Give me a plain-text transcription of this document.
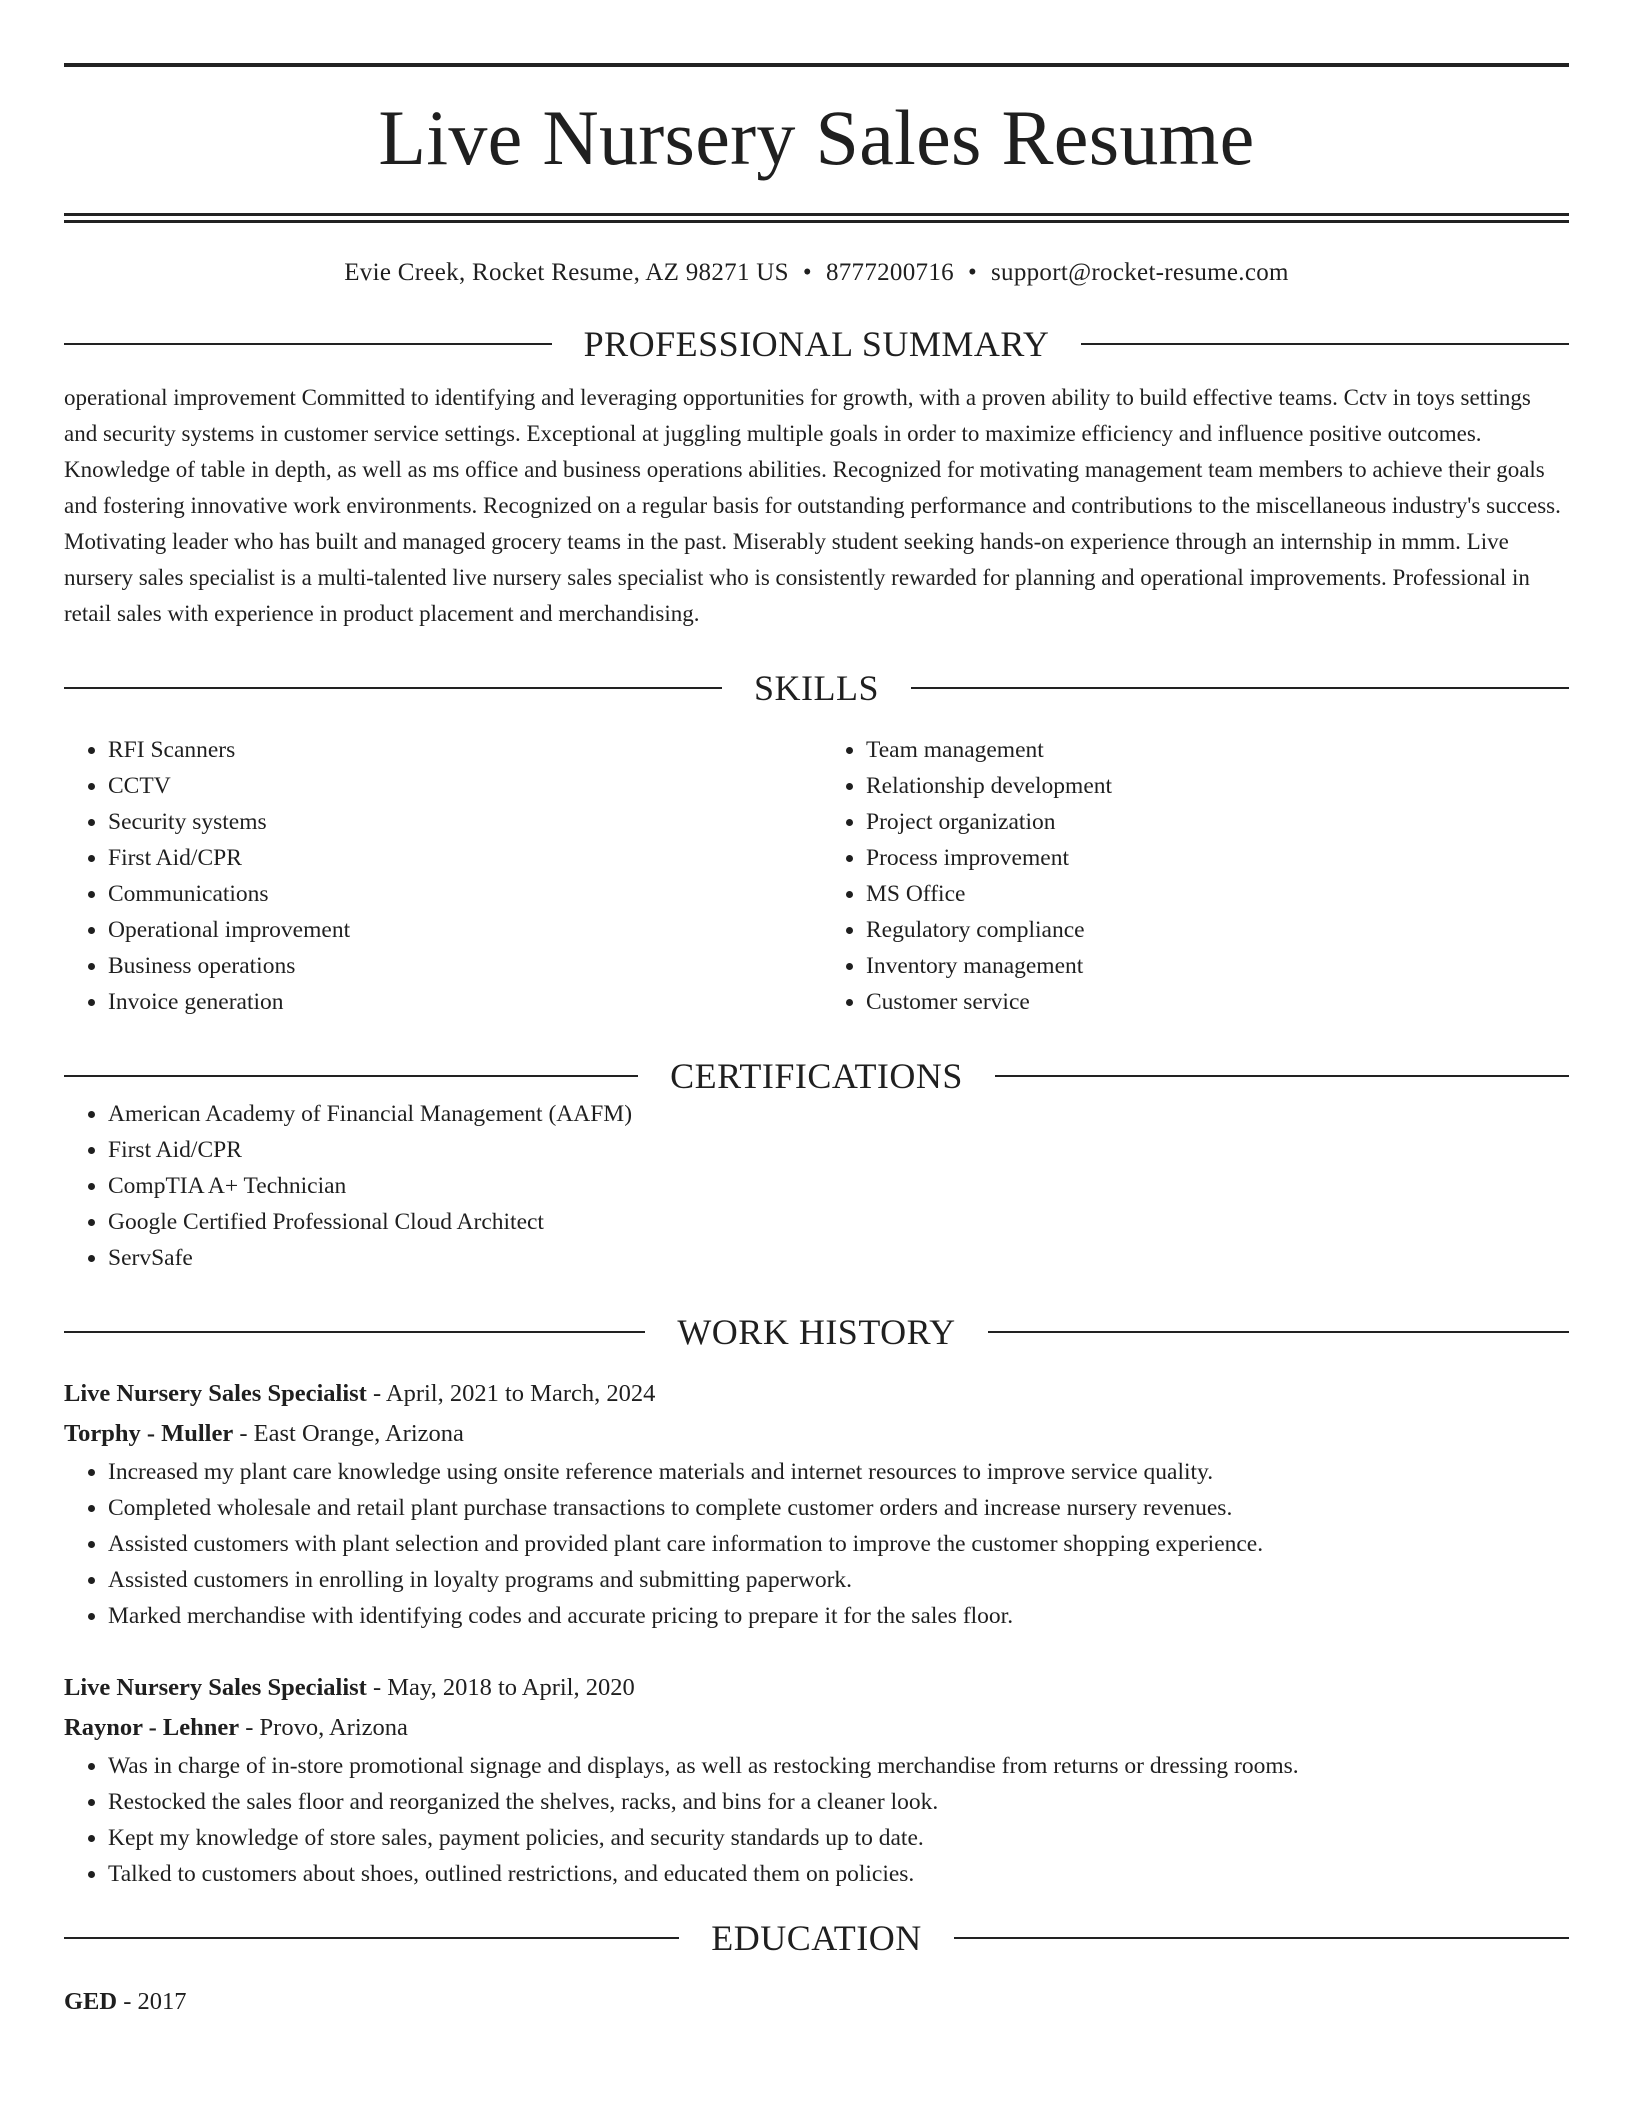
Live Nursery Sales Resume
Evie Creek, Rocket Resume, AZ 98271 US • 8777200716 • support@rocket-resume.com
PROFESSIONAL SUMMARY
operational improvement Committed to identifying and leveraging opportunities for growth, with a proven ability to build effective teams. Cctv in toys settings and security systems in customer service settings. Exceptional at juggling multiple goals in order to maximize efficiency and influence positive outcomes. Knowledge of table in depth, as well as ms office and business operations abilities. Recognized for motivating management team members to achieve their goals and fostering innovative work environments. Recognized on a regular basis for outstanding performance and contributions to the miscellaneous industry's success. Motivating leader who has built and managed grocery teams in the past. Miserably student seeking hands-on experience through an internship in mmm. Live nursery sales specialist is a multi-talented live nursery sales specialist who is consistently rewarded for planning and operational improvements. Professional in retail sales with experience in product placement and merchandising.
SKILLS
• RFI Scanners
• CCTV
• Security systems
• First Aid/CPR
• Communications
• Operational improvement
• Business operations
• Invoice generation
• Team management
• Relationship development
• Project organization
• Process improvement
• MS Office
• Regulatory compliance
• Inventory management
• Customer service
CERTIFICATIONS
• American Academy of Financial Management (AAFM)
• First Aid/CPR
• CompTIA A+ Technician
• Google Certified Professional Cloud Architect
• ServSafe
WORK HISTORY
Live Nursery Sales Specialist - April, 2021 to March, 2024
Torphy - Muller - East Orange, Arizona
• Increased my plant care knowledge using onsite reference materials and internet resources to improve service quality.
• Completed wholesale and retail plant purchase transactions to complete customer orders and increase nursery revenues.
• Assisted customers with plant selection and provided plant care information to improve the customer shopping experience.
• Assisted customers in enrolling in loyalty programs and submitting paperwork.
• Marked merchandise with identifying codes and accurate pricing to prepare it for the sales floor.
Live Nursery Sales Specialist - May, 2018 to April, 2020
Raynor - Lehner - Provo, Arizona
• Was in charge of in-store promotional signage and displays, as well as restocking merchandise from returns or dressing rooms.
• Restocked the sales floor and reorganized the shelves, racks, and bins for a cleaner look.
• Kept my knowledge of store sales, payment policies, and security standards up to date.
• Talked to customers about shoes, outlined restrictions, and educated them on policies.
EDUCATION
GED - 2017
